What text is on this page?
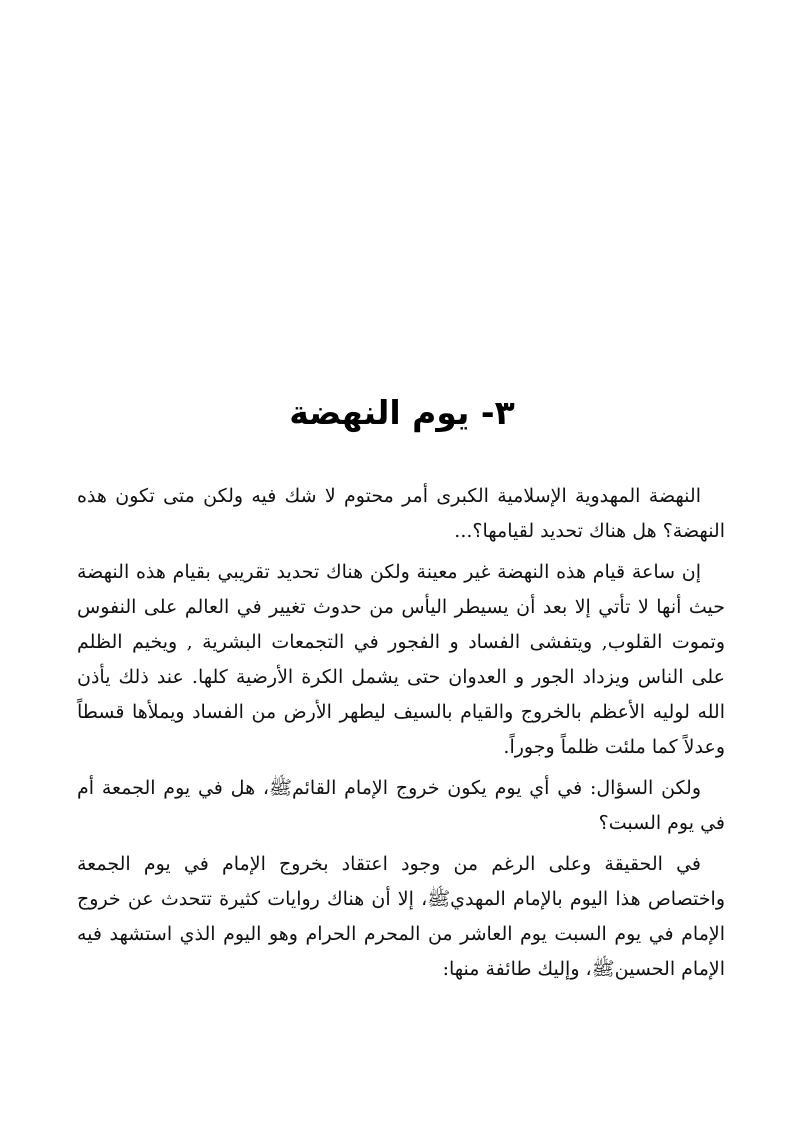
٣- يوم النهضة

النهضة المهدوية الإسلامية الكبرى أمر محتوم لا شك فيه ولكن متى تكون هذه النهضة؟ هل هناك تحديد لقيامها؟...

إن ساعة قيام هذه النهضة غير معينة ولكن هناك تحديد تقريبي بقيام هذه النهضة حيث أنها لا تأتي إلا بعد أن يسيطر اليأس من حدوث تغيير في العالم على النفوس وتموت القلوب, ويتفشى الفساد و الفجور في التجمعات البشرية , ويخيم الظلم على الناس ويزداد الجور و العدوان حتى يشمل الكرة الأرضية كلها. عند ذلك يأذن الله لوليه الأعظم بالخروج والقيام بالسيف ليطهر الأرض من الفساد ويملأها قسطاً وعدلاً كما ملئت ظلماً وجوراً.

ولكن السؤال: في أي يوم يكون خروج الإمام القائمﷺ، هل في يوم الجمعة أم في يوم السبت؟

في الحقيقة وعلى الرغم من وجود اعتقاد بخروج الإمام في يوم الجمعة واختصاص هذا اليوم بالإمام المهديﷺ، إلا أن هناك روايات كثيرة تتحدث عن خروج الإمام في يوم السبت يوم العاشر من المحرم الحرام وهو اليوم الذي استشهد فيه الإمام الحسينﷺ، وإليك طائفة منها:
